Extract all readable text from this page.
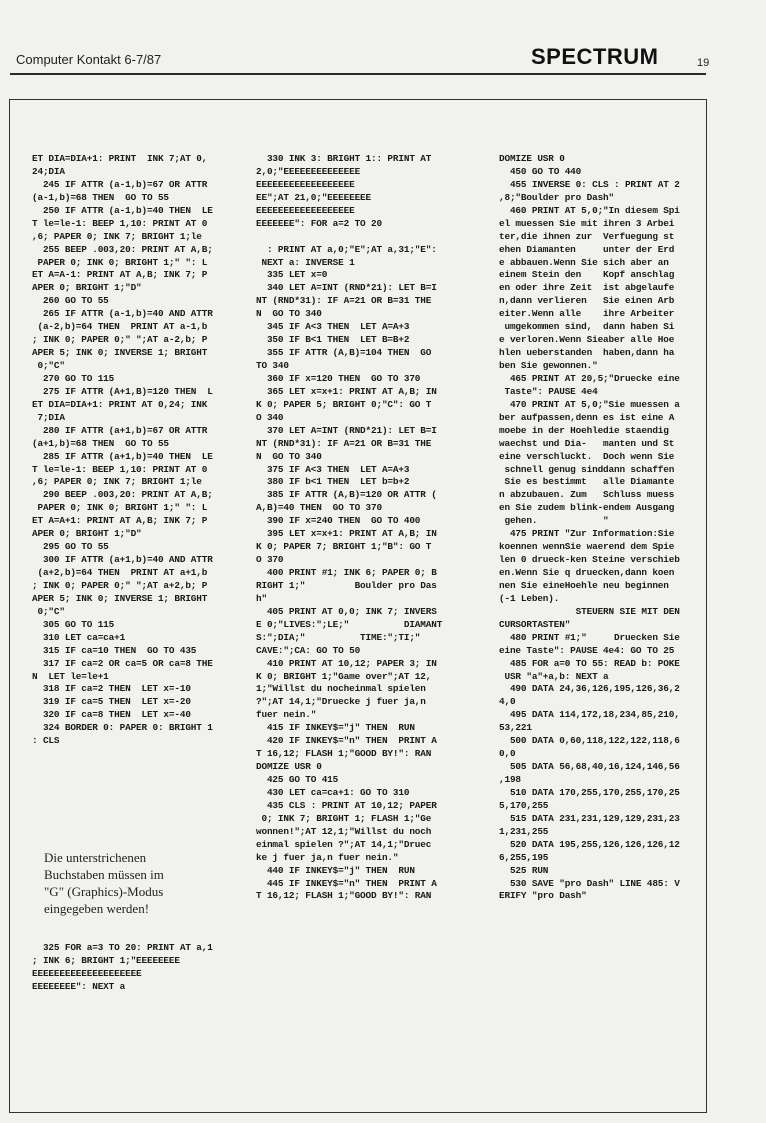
Computer Kontakt 6-7/87	SPECTRUM	19
ET DIA=DIA+1: PRINT  INK 7;AT 0,
24;DIA
245 IF ATTR (a-1,b)=67 OR ATTR
(a-1,b)=68 THEN  GO TO 55
250 IF ATTR (a-1,b)=40 THEN  LE
T le=le-1: BEEP 1,10: PRINT AT 0
,6; PAPER 0; INK 7; BRIGHT 1;le
255 BEEP .003,20: PRINT AT A,B;
PAPER 0; INK 0; BRIGHT 1;" ": L
ET A=A-1: PRINT AT A,B; INK 7; P
APER 0; BRIGHT 1;"D"
260 GO TO 55
265 IF ATTR (a-1,b)=40 AND ATTR
(a-2,b)=64 THEN  PRINT AT a-1,b
; INK 0; PAPER 0;" ";AT a-2,b; P
APER 5; INK 0; INVERSE 1; BRIGHT
0;"C"
270 GO TO 115
275 IF ATTR (A+1,B)=120 THEN  L
ET DIA=DIA+1: PRINT AT 0,24; INK
7;DIA
280 IF ATTR (a+1,b)=67 OR ATTR
(a+1,b)=68 THEN  GO TO 55
285 IF ATTR (a+1,b)=40 THEN  LE
T le=le-1: BEEP 1,10: PRINT AT 0
,6; PAPER 0; INK 7; BRIGHT 1;le
290 BEEP .003,20: PRINT AT A,B;
PAPER 0; INK 0; BRIGHT 1;" ": L
ET A=A+1: PRINT AT A,B; INK 7; P
APER 0; BRIGHT 1;"D"
295 GO TO 55
300 IF ATTR (a+1,b)=40 AND ATTR
(a+2,b)=64 THEN  PRINT AT a+1,b
; INK 0; PAPER 0;" ";AT a+2,b; P
APER 5; INK 0; INVERSE 1; BRIGHT
0;"C"
305 GO TO 115
310 LET ca=ca+1
315 IF ca=10 THEN  GO TO 435
317 IF ca=2 OR ca=5 OR ca=8 THE
N  LET le=le+1
318 IF ca=2 THEN  LET x=-10
319 IF ca=5 THEN  LET x=-20
320 IF ca=8 THEN  LET x=-40
324 BORDER 0: PAPER 0: BRIGHT 1
: CLS
Die unterstrichenen
Buchstaben müssen im
"G" (Graphics)-Modus
eingegeben werden!
325 FOR a=3 TO 20: PRINT AT a,1
; INK 6; BRIGHT 1;"EEEEEEEE
EEEEEEEEEEEEEEEEEEEE
EEEEEEEE": NEXT a
330 INK 3: BRIGHT 1:: PRINT AT
2,0;"EEEEEEEEEEEEEE
EEEEEEEEEEEEEEEEEE
EE";AT 21,0;"EEEEEEEE
EEEEEEEEEEEEEEEEEE
EEEEEEE": FOR a=2 TO 20
: PRINT AT a,0;"E";AT a,31;"E":
NEXT a: INVERSE 1
335 LET x=0
340 LET A=INT (RND*21): LET B=I
NT (RND*31): IF A=21 OR B=31 THE
N  GO TO 340
345 IF A<3 THEN  LET A=A+3
350 IF B<1 THEN  LET B=B+2
355 IF ATTR (A,B)=104 THEN  GO
TO 340
360 IF x=120 THEN  GO TO 370
365 LET x=x+1: PRINT AT A,B; IN
K 0; PAPER 5; BRIGHT 0;"C": GO T
O 340
370 LET A=INT (RND*21): LET B=I
NT (RND*31): IF A=21 OR B=31 THE
N  GO TO 340
375 IF A<3 THEN  LET A=A+3
380 IF b<1 THEN  LET b=b+2
385 IF ATTR (A,B)=120 OR ATTR (
A,B)=40 THEN  GO TO 370
390 IF x=240 THEN  GO TO 400
395 LET x=x+1: PRINT AT A,B; IN
K 0; PAPER 7; BRIGHT 1;"B": GO T
O 370
400 PRINT #1; INK 6; PAPER 0; B
RIGHT 1;"         Boulder pro Das
h"
405 PRINT AT 0,0; INK 7; INVERS
E 0;"LIVES:";LE;"          DIAMANT
S:";DIA;"          TIME:";TI;"
CAVE:";CA: GO TO 50
410 PRINT AT 10,12; PAPER 3; IN
K 0; BRIGHT 1;"Game over";AT 12,
1;"Willst du nocheinmal spielen
?";AT 14,1;"Druecke j fuer ja,n
fuer nein."
415 IF INKEY$="j" THEN  RUN
420 IF INKEY$="n" THEN  PRINT A
T 16,12; FLASH 1;"GOOD BY!": RAN
DOMIZE USR 0
425 GO TO 415
430 LET ca=ca+1: GO TO 310
435 CLS : PRINT AT 10,12; PAPER
0; INK 7; BRIGHT 1; FLASH 1;"Ge
wonnen!";AT 12,1;"Willst du noch
einmal spielen ?";AT 14,1;"Druec
ke j fuer ja,n fuer nein."
440 IF INKEY$="j" THEN  RUN
445 IF INKEY$="n" THEN  PRINT A
T 16,12; FLASH 1;"GOOD BY!": RAN
DOMIZE USR 0
450 GO TO 440
455 INVERSE 0: CLS : PRINT AT 2
,8;"Boulder pro Dash"
460 PRINT AT 5,0;"In diesem Spi
el muessen Sie mit ihren 3 Arbei
ter,die ihnen zur  Verfuegung st
ehen Diamanten     unter der Erd
e abbauen.Wenn Sie sich aber an
einem Stein den    Kopf anschlag
en oder ihre Zeit  ist abgelaufe
n,dann verlieren   Sie einen Arb
eiter.Wenn alle    ihre Arbeiter
umgekommen sind,  dann haben Si
e verloren.Wenn Sieaber alle Hoe
hlen ueberstanden  haben,dann ha
ben Sie gewonnen."
465 PRINT AT 20,5;"Druecke eine
Taste": PAUSE 4e4
470 PRINT AT 5,0;"Sie muessen a
ber aufpassen,denn es ist eine A
moebe in der Hoehledie staendig
waechst und Dia-   manten und St
eine verschluckt.  Doch wenn Sie
schnell genug sinddann schaffen
Sie es bestimmt   alle Diamante
n abzubauen. Zum   Schluss muess
en Sie zudem blink-endem Ausgang
gehen.            "
475 PRINT "Zur Information:Sie
koennen wennSie waerend dem Spie
len 0 drueck-ken Steine verschieb
en.Wenn Sie q druecken,dann koen
nen Sie eineHoehle neu beginnen
(-1 Leben).
STEUERN SIE MIT DEN
CURSORTASTEN"
480 PRINT #1;"     Druecken Sie
eine Taste": PAUSE 4e4: GO TO 25
485 FOR a=0 TO 55: READ b: POKE
USR "a"+a,b: NEXT a
490 DATA 24,36,126,195,126,36,2
4,0
495 DATA 114,172,18,234,85,210,
53,221
500 DATA 0,60,118,122,122,118,6
0,0
505 DATA 56,68,40,16,124,146,56
,198
510 DATA 170,255,170,255,170,25
5,170,255
515 DATA 231,231,129,129,231,23
1,231,255
520 DATA 195,255,126,126,126,12
6,255,195
525 RUN
530 SAVE "pro Dash" LINE 485: V
ERIFY "pro Dash"
